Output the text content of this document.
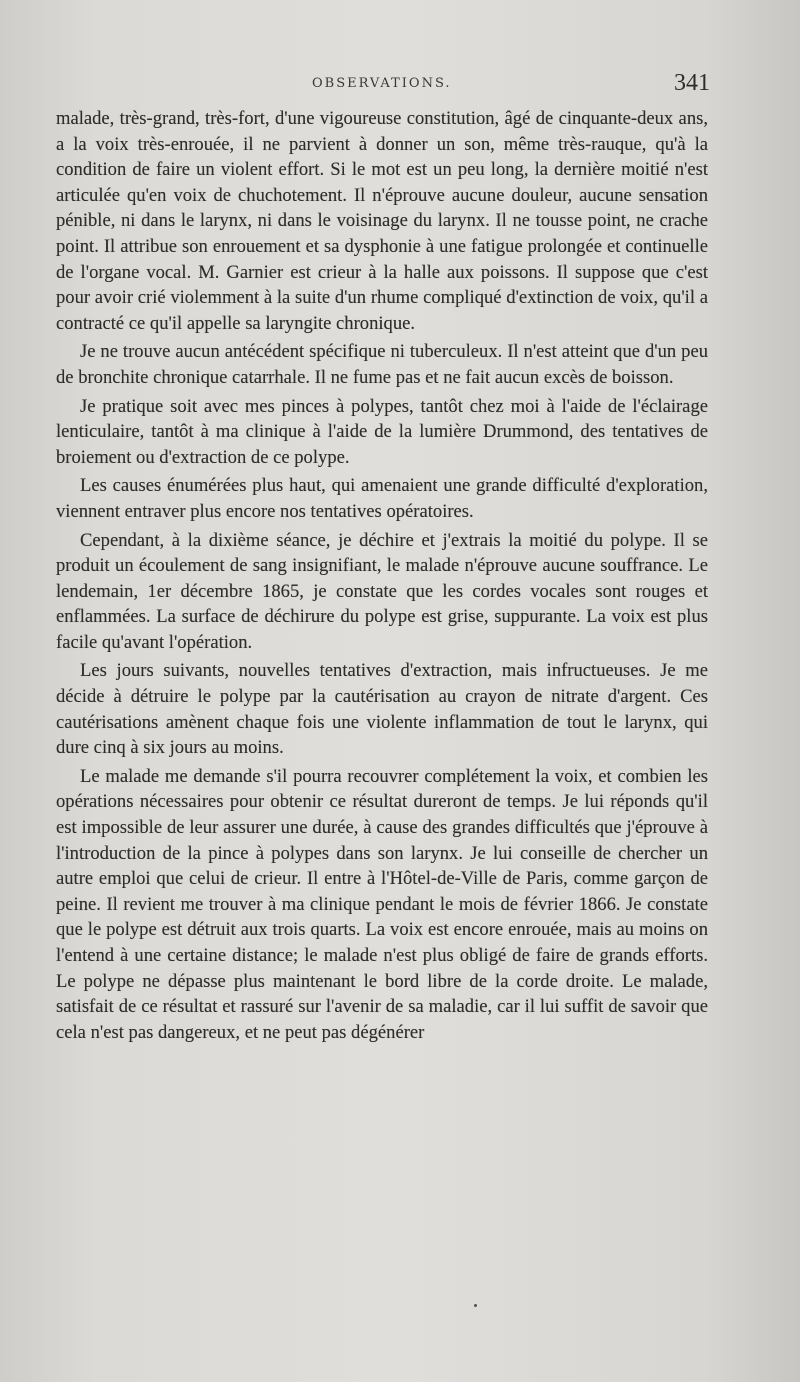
OBSERVATIONS.	341

malade, très-grand, très-fort, d'une vigoureuse constitution, âgé de cinquante-deux ans, a la voix très-enrouée, il ne parvient à donner un son, même très-rauque, qu'à la condition de faire un violent effort. Si le mot est un peu long, la dernière moitié n'est articulée qu'en voix de chuchotement. Il n'éprouve aucune douleur, aucune sensation pénible, ni dans le larynx, ni dans le voisinage du larynx. Il ne tousse point, ne crache point. Il attribue son enrouement et sa dysphonie à une fatigue prolongée et continuelle de l'organe vocal. M. Garnier est crieur à la halle aux poissons. Il suppose que c'est pour avoir crié violemment à la suite d'un rhume compliqué d'extinction de voix, qu'il a contracté ce qu'il appelle sa laryngite chronique.

Je ne trouve aucun antécédent spécifique ni tuberculeux. Il n'est atteint que d'un peu de bronchite chronique catarrhale. Il ne fume pas et ne fait aucun excès de boisson.

Je pratique soit avec mes pinces à polypes, tantôt chez moi à l'aide de l'éclairage lenticulaire, tantôt à ma clinique à l'aide de la lumière Drummond, des tentatives de broiement ou d'extraction de ce polype.

Les causes énumérées plus haut, qui amenaient une grande difficulté d'exploration, viennent entraver plus encore nos tentatives opératoires.

Cependant, à la dixième séance, je déchire et j'extrais la moitié du polype. Il se produit un écoulement de sang insignifiant, le malade n'éprouve aucune souffrance. Le lendemain, 1er décembre 1865, je constate que les cordes vocales sont rouges et enflammées. La surface de déchirure du polype est grise, suppurante. La voix est plus facile qu'avant l'opération.

Les jours suivants, nouvelles tentatives d'extraction, mais infructueuses. Je me décide à détruire le polype par la cautérisation au crayon de nitrate d'argent. Ces cautérisations amènent chaque fois une violente inflammation de tout le larynx, qui dure cinq à six jours au moins.

Le malade me demande s'il pourra recouvrer complétement la voix, et combien les opérations nécessaires pour obtenir ce résultat dureront de temps. Je lui réponds qu'il est impossible de leur assurer une durée, à cause des grandes difficultés que j'éprouve à l'introduction de la pince à polypes dans son larynx. Je lui conseille de chercher un autre emploi que celui de crieur. Il entre à l'Hôtel-de-Ville de Paris, comme garçon de peine. Il revient me trouver à ma clinique pendant le mois de février 1866. Je constate que le polype est détruit aux trois quarts. La voix est encore enrouée, mais au moins on l'entend à une certaine distance; le malade n'est plus obligé de faire de grands efforts. Le polype ne dépasse plus maintenant le bord libre de la corde droite. Le malade, satisfait de ce résultat et rassuré sur l'avenir de sa maladie, car il lui suffit de savoir que cela n'est pas dangereux, et ne peut pas dégénérer
